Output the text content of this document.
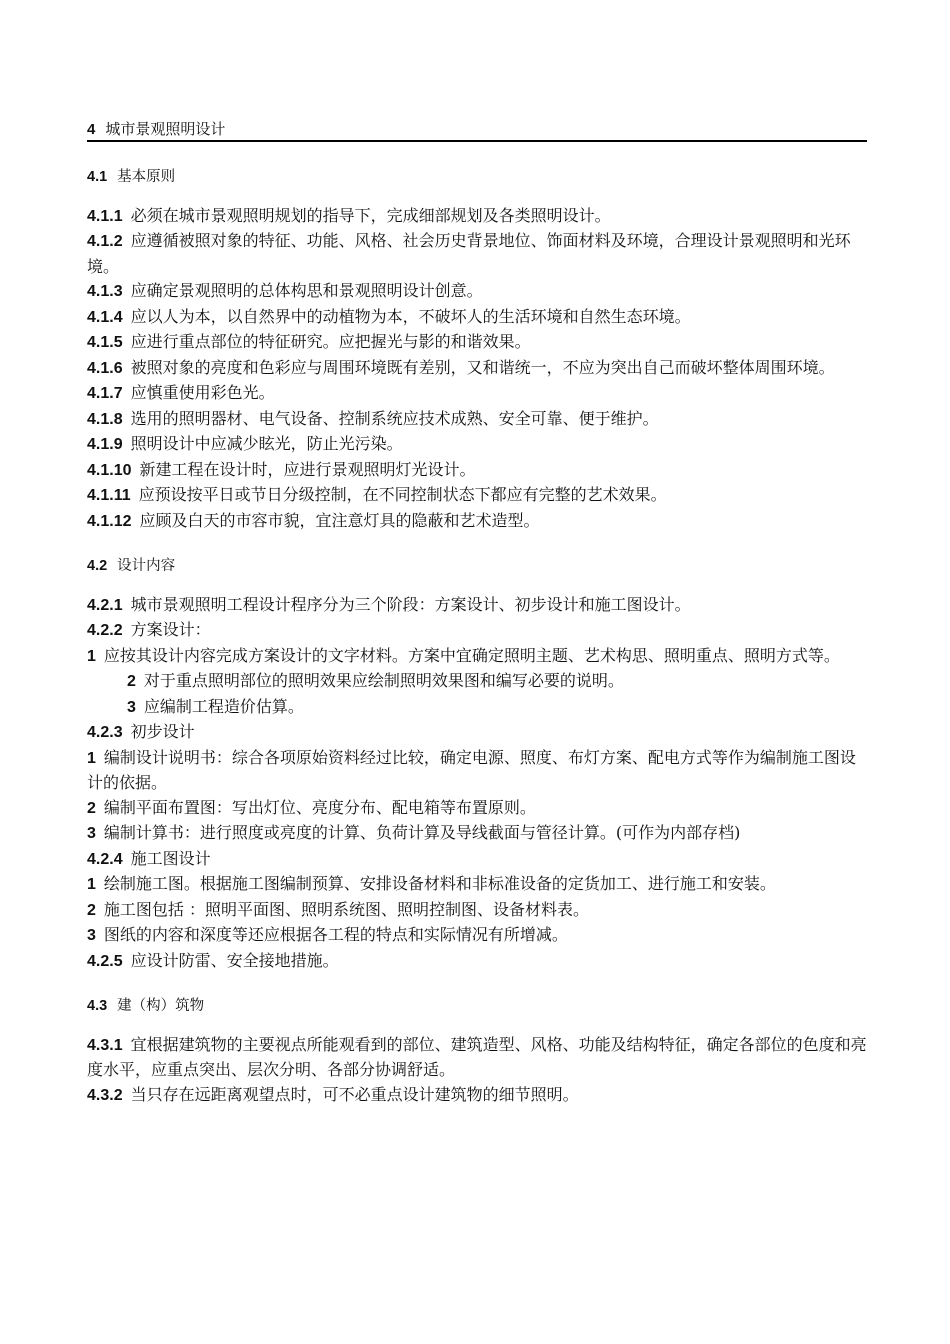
4 城市景观照明设计
4.1 基本原则
4.1.1 必须在城市景观照明规划的指导下，完成细部规划及各类照明设计。
4.1.2 应遵循被照对象的特征、功能、风格、社会历史背景地位、饰面材料及环境，合理设计景观照明和光环境。
4.1.3 应确定景观照明的总体构思和景观照明设计创意。
4.1.4 应以人为本，以自然界中的动植物为本，不破坏人的生活环境和自然生态环境。
4.1.5 应进行重点部位的特征研究。应把握光与影的和谐效果。
4.1.6 被照对象的亮度和色彩应与周围环境既有差别，又和谐统一，不应为突出自己而破坏整体周围环境。
4.1.7 应慎重使用彩色光。
4.1.8 选用的照明器材、电气设备、控制系统应技术成熟、安全可靠、便于维护。
4.1.9 照明设计中应减少眩光，防止光污染。
4.1.10 新建工程在设计时，应进行景观照明灯光设计。
4.1.11 应预设按平日或节日分级控制，在不同控制状态下都应有完整的艺术效果。
4.1.12 应顾及白天的市容市貌，宜注意灯具的隐蔽和艺术造型。
4.2 设计内容
4.2.1 城市景观照明工程设计程序分为三个阶段：方案设计、初步设计和施工图设计。
4.2.2 方案设计：
1 应按其设计内容完成方案设计的文字材料。方案中宜确定照明主题、艺术构思、照明重点、照明方式等。
2 对于重点照明部位的照明效果应绘制照明效果图和编写必要的说明。
3 应编制工程造价估算。
4.2.3 初步设计
1 编制设计说明书：综合各项原始资料经过比较，确定电源、照度、布灯方案、配电方式等作为编制施工图设计的依据。
2 编制平面布置图：写出灯位、亮度分布、配电箱等布置原则。
3 编制计算书：进行照度或亮度的计算、负荷计算及导线截面与管径计算。(可作为内部存档)
4.2.4 施工图设计
1 绘制施工图。根据施工图编制预算、安排设备材料和非标准设备的定货加工、进行施工和安装。
2 施工图包括 ：照明平面图、照明系统图、照明控制图、设备材料表。
3 图纸的内容和深度等还应根据各工程的特点和实际情况有所增减。
4.2.5 应设计防雷、安全接地措施。
4.3 建（构）筑物
4.3.1 宜根据建筑物的主要视点所能观看到的部位、建筑造型、风格、功能及结构特征，确定各部位的色度和亮度水平，应重点突出、层次分明、各部分协调舒适。
4.3.2 当只存在远距离观望点时，可不必重点设计建筑物的细节照明。
